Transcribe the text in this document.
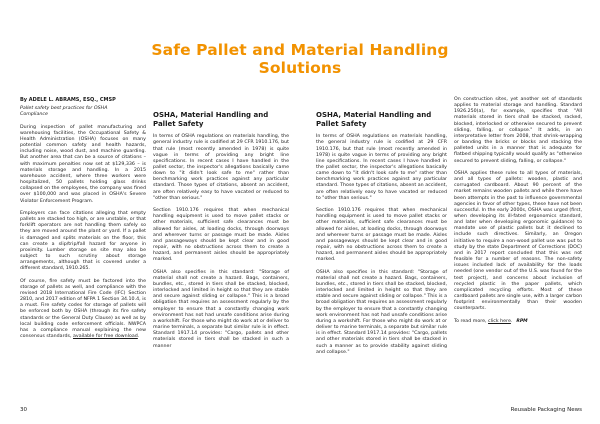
Safe Pallet and Material Handling
Solutions

By ADELE L. ABRAMS, ESQ., CMSP

Pallet safety best practices for OSHA
Compliance

During inspection of pallet manufacturing and warehousing facilities, the Occupational Safety & Health Administration (OSHA) focuses on many potential common safety and health hazards, including noise, wood dust, and machine guarding. But another area that can be a source of citations – with maximum penalties now set at $129,336 – is materials storage and handling. In a 2015 warehouse accident, where three workers were hospitalized, 50 pallets holding glass drinks collapsed on the employees, the company was fined over $100,000 and was placed in OSHA's Severe Violator Enforcement Program.

Employers can face citations alleging that empty pallets are stacked too high, or are unstable, or that forklift operators are not handling them safely so they are moved around the plant or yard. If a pallet is damaged and splits materials on the floor, this can create a slip/trip/fall hazard for anyone in proximity. Lumber storage on site may also be subject to such scrutiny about storage arrangements, although that is covered under a different standard, 1910.265.

Of course, fire safety must be factored into the storage of pallets as well, and compliance with the revised 2018 International Fire Code (IFC) Section 2810, and 2017 edition of NFPA 1 Section 34.10.4, is a must. Fire safety codes for storage of pallets will be enforced both by OSHA (through its fire safety standards or the General Duty Clause) as well as by local building code enforcement officials. NWPCA has a compliance manual explaining the new consensus standards, available for free download.

OSHA, Material Handling and
Pallet Safety

In terms of OSHA regulations on materials handling, the general industry rule is codified at 29 CFR 1910.176, but that rule (most recently amended in 1978) is quite vague in terms of providing any bright line specifications. In recent cases I have handled in the pallet sector, the inspector's allegations basically came down to "it didn't look safe to me" rather than benchmarking work practices against any particular standard. Those types of citations, absent an accident, are often relatively easy to have vacated or reduced to "other than serious."

Section 1910.176 requires that when mechanical handling equipment is used to move pallet stacks or other materials, sufficient safe clearances must be allowed for aisles, at loading docks, through doorways and wherever turns or passage must be made. Aisles and passageways should be kept clear and in good repair, with no obstructions across them to create a hazard, and permanent aisles should be appropriately marked.

OSHA also specifies in this standard: "Storage of material shall not create a hazard. Bags, containers, bundles, etc., stored in tiers shall be stacked, blocked, interlocked and limited in height so that they are stable and secure against sliding or collapse." This is a broad obligation that requires an assessment regularly by the employer to ensure that a constantly changing work environment has not had unsafe conditions arise during a workshift. For those who might do work at or deliver to marine terminals, a separate but similar rule is in effect. Standard 1917.14 provides: "Cargo, pallets and other materials stored in tiers shall be stacked in such a manner

OSHA, Material Handling and
Pallet Safety

In terms of OSHA regulations on materials handling, the general industry rule is codified at 29 CFR 1910.176, but that rule (most recently amended in 1978) is quite vague in terms of providing any bright line specifications. In recent cases I have handled in the pallet sector, the inspector's allegations basically came down to "it didn't look safe to me" rather than benchmarking work practices against any particular standard. Those types of citations, absent an accident, are often relatively easy to have vacated or reduced to "other than serious."

Section 1910.176 requires that when mechanical handling equipment is used to move pallet stacks or other materials, sufficient safe clearances must be allowed for aisles, at loading docks, through doorways and wherever turns or passage must be made. Aisles and passageways should be kept clear and in good repair, with no obstructions across them to create a hazard, and permanent aisles should be appropriately marked.

OSHA also specifies in this standard: "Storage of material shall not create a hazard. Bags, containers, bundles, etc., stored in tiers shall be stacked, blocked, interlocked and limited in height so that they are stable and secure against sliding or collapse." This is a broad obligation that requires an assessment regularly by the employer to ensure that a constantly changing work environment has not had unsafe conditions arise during a workshift. For those who might do work at or deliver to marine terminals, a separate but similar rule is in effect. Standard 1917.14 provides: "Cargo, pallets and other materials stored in tiers shall be stacked in such a manner as to provide stability against sliding and collapse."

On construction sites, yet another set of standards applies to material storage and handling. Standard 1926.250(a), for example, specifies that "All materials stored in tiers shall be stacked, racked, blocked, interlocked or otherwise secured to prevent sliding, falling, or collapse." It adds, in an interpretative letter from 2008, that shrink-wrapping or banding the bricks or blocks and stacking the palleted units in a manner that is adequate for flatbed shipping typically would qualify as "otherwise secured to prevent sliding, falling, or collapse."

OSHA applies these rules to all types of materials, and all types of pallets: wooden, plastic and corrugated cardboard. About 90 percent of the market remains wooden pallets and while there have been attempts in the past to influence governmental agencies in favor of other types, these have not been successful. In the early 2000s, OSHA was urged (first, when developing its ill-fated ergonomics standard, and later when developing ergonomic guidance) to mandate use of plastic pallets but it declined to include such directives. Similarly, an Oregon initiative to require a non-wood pallet use was put to study by the state Department of Corrections (DOC) and in 2017 report concluded that this was not feasible for a number of reasons. The non-safety issues included lack of availability for the loads needed (one vendor out of the U.S. was found for the test project), and concerns about inclusion of recycled plastic in the paper pallets, which complicated recycling efforts. Most of these cardboard pallets are single use, with a larger carbon footprint environmentally than their wooden counterparts.

To read more, click here. RPM

30	Reusable Packaging News
